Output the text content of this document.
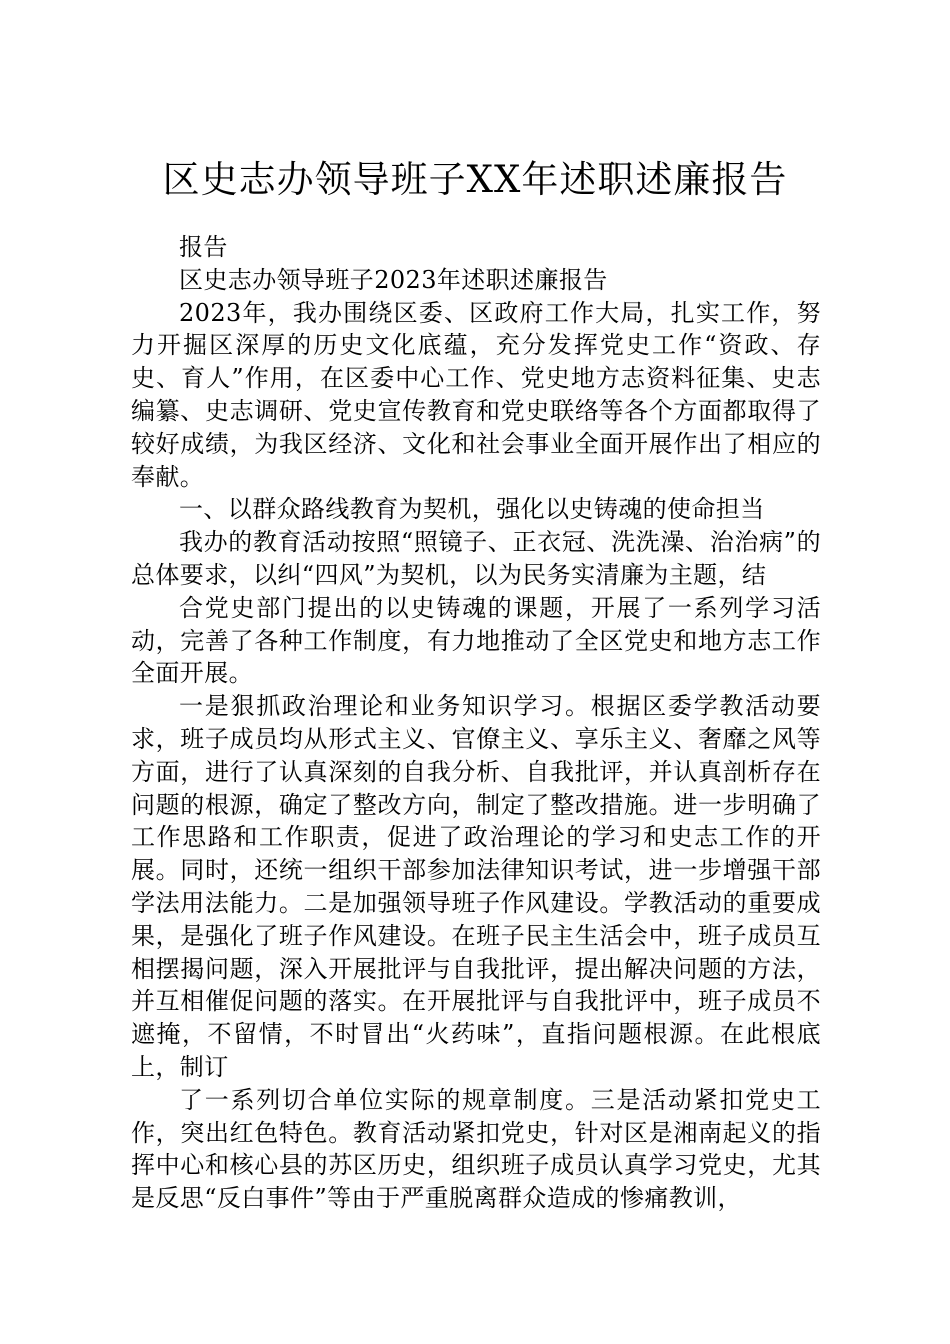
区史志办领导班子XX年述职述廉报告

报告

区史志办领导班子2023年述职述廉报告

2023年，我办围绕区委、区政府工作大局，扎实工作，努力开掘区深厚的历史文化底蕴，充分发挥党史工作“资政、存史、育人”作用，在区委中心工作、党史地方志资料征集、史志编纂、史志调研、党史宣传教育和党史联络等各个方面都取得了较好成绩，为我区经济、文化和社会事业全面开展作出了相应的奉献。

一、以群众路线教育为契机，强化以史铸魂的使命担当

我办的教育活动按照“照镜子、正衣冠、洗洗澡、治治病”的总体要求，以纠“四风”为契机，以为民务实清廉为主题，结

合党史部门提出的以史铸魂的课题，开展了一系列学习活动，完善了各种工作制度，有力地推动了全区党史和地方志工作全面开展。

一是狠抓政治理论和业务知识学习。根据区委学教活动要求，班子成员均从形式主义、官僚主义、享乐主义、奢靡之风等方面，进行了认真深刻的自我分析、自我批评，并认真剖析存在问题的根源，确定了整改方向，制定了整改措施。进一步明确了工作思路和工作职责，促进了政治理论的学习和史志工作的开展。同时，还统一组织干部参加法律知识考试，进一步增强干部学法用法能力。二是加强领导班子作风建设。学教活动的重要成果，是强化了班子作风建设。在班子民主生活会中，班子成员互相摆揭问题，深入开展批评与自我批评，提出解决问题的方法，并互相催促问题的落实。在开展批评与自我批评中，班子成员不遮掩，不留情，不时冒出“火药味”，直指问题根源。在此根底上，制订

了一系列切合单位实际的规章制度。三是活动紧扣党史工作，突出红色特色。教育活动紧扣党史，针对区是湘南起义的指挥中心和核心县的苏区历史，组织班子成员认真学习党史，尤其是反思“反白事件”等由于严重脱离群众造成的惨痛教训，
